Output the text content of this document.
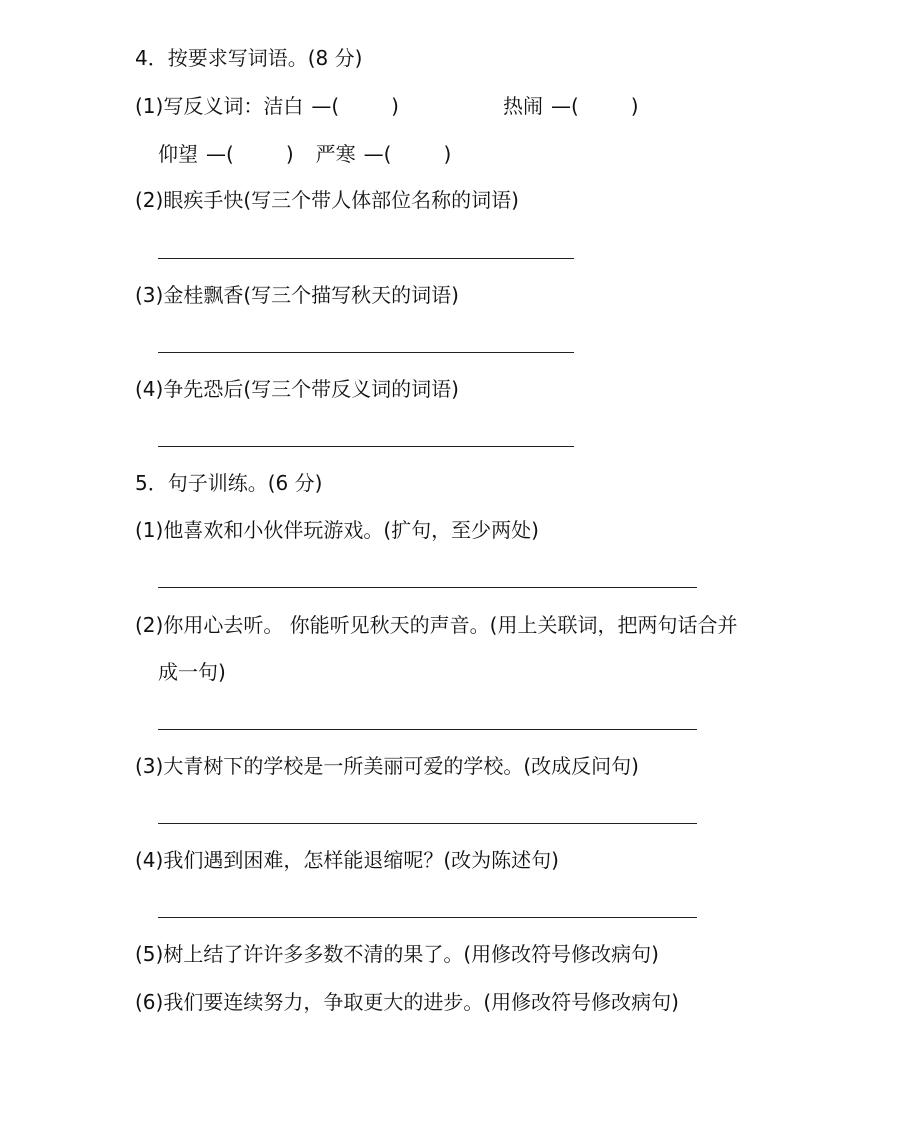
4．按要求写词语。(8 分)
(1)写反义词：洁白 —(	)	热闹 —(	)
仰望 —(	) 严寒 —(	)
(2)眼疾手快(写三个带人体部位名称的词语)
(3)金桂飘香(写三个描写秋天的词语)
(4)争先恐后(写三个带反义词的词语)
5．句子训练。(6 分)
(1)他喜欢和小伙伴玩游戏。(扩句，至少两处)
(2)你用心去听。 你能听见秋天的声音。(用上关联词，把两句话合并
成一句)
(3)大青树下的学校是一所美丽可爱的学校。(改成反问句)
(4)我们遇到困难，怎样能退缩呢？(改为陈述句)
(5)树上结了许许多多数不清的果了。(用修改符号修改病句)
(6)我们要连续努力，争取更大的进步。(用修改符号修改病句)
